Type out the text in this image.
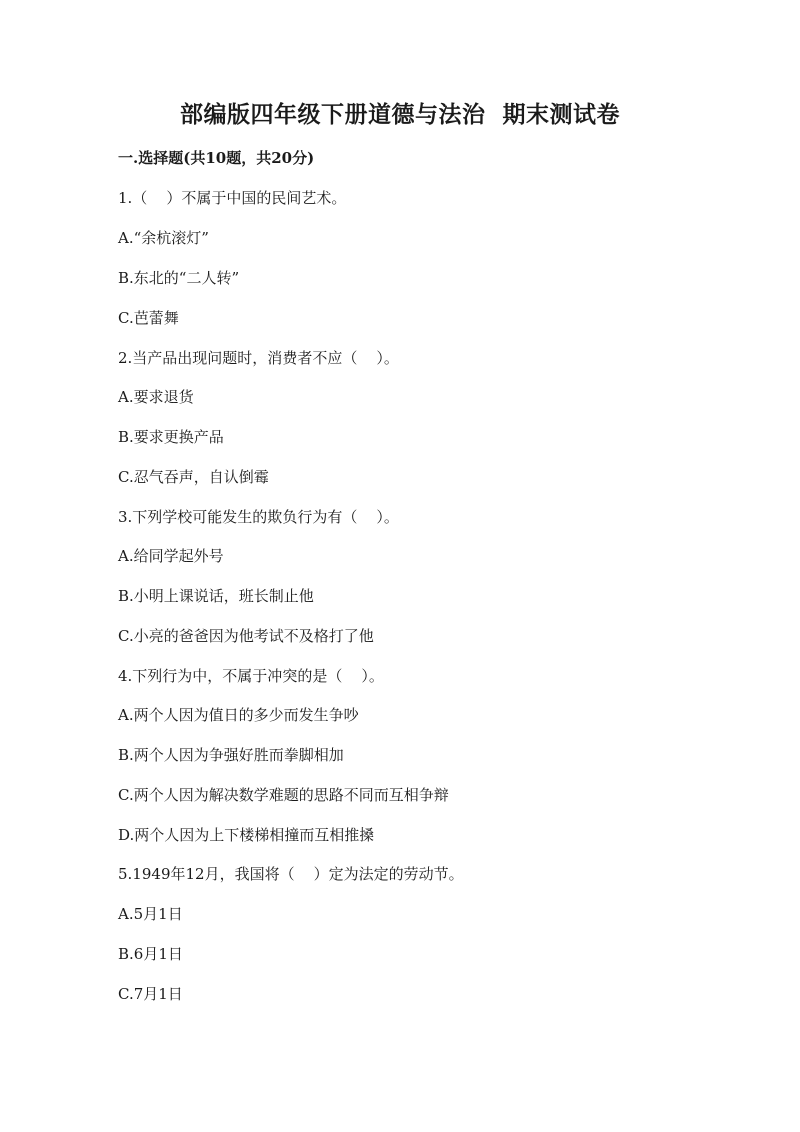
部编版四年级下册道德与法治  期末测试卷
一.选择题(共10题，共20分)
1.（    ）不属于中国的民间艺术。
A.“余杭滚灯”
B.东北的“二人转”
C.芭蕾舞
2.当产品出现问题时，消费者不应（    ）。
A.要求退货
B.要求更换产品
C.忍气吞声，自认倒霉
3.下列学校可能发生的欺负行为有（    ）。
A.给同学起外号
B.小明上课说话，班长制止他
C.小亮的爸爸因为他考试不及格打了他
4.下列行为中，不属于冲突的是（    ）。
A.两个人因为值日的多少而发生争吵
B.两个人因为争强好胜而拳脚相加
C.两个人因为解决数学难题的思路不同而互相争辩
D.两个人因为上下楼梯相撞而互相推搡
5.1949年12月，我国将（    ）定为法定的劳动节。
A.5月1日
B.6月1日
C.7月1日
